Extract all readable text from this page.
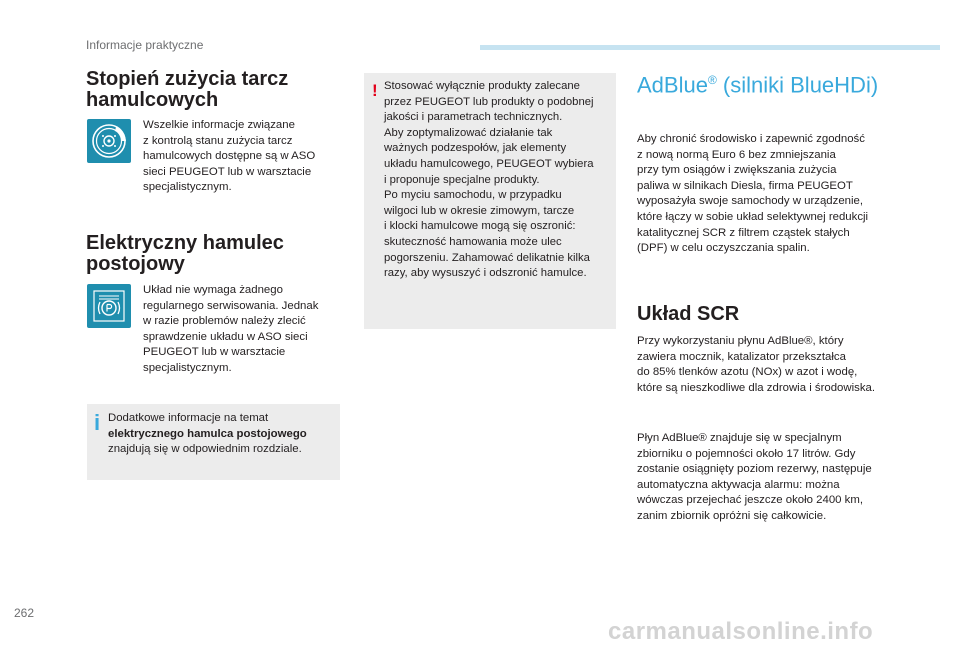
Informacje praktyczne
Stopień zużycia tarcz
hamulcowych
Wszelkie informacje związane
z kontrolą stanu zużycia tarcz
hamulcowych dostępne są w ASO
sieci PEUGEOT lub w warsztacie
specjalistycznym.
Elektryczny hamulec
postojowy
Układ nie wymaga żadnego
regularnego serwisowania. Jednak
w razie problemów należy zlecić
sprawdzenie układu w ASO sieci
PEUGEOT lub w warsztacie
specjalistycznym.
i Dodatkowe informacje na temat
elektrycznego hamulca postojowego
znajdują się w odpowiednim rozdziale.
! Stosować wyłącznie produkty zalecane
przez PEUGEOT lub produkty o podobnej
jakości i parametrach technicznych.
Aby zoptymalizować działanie tak
ważnych podzespołów, jak elementy
układu hamulcowego, PEUGEOT wybiera
i proponuje specjalne produkty.
Po myciu samochodu, w przypadku
wilgoci lub w okresie zimowym, tarcze
i klocki hamulcowe mogą się oszronić:
skuteczność hamowania może ulec
pogorszeniu. Zahamować delikatnie kilka
razy, aby wysuszyć i odszronić hamulce.
AdBlue® (silniki BlueHDi)
Aby chronić środowisko i zapewnić zgodność
z nową normą Euro 6 bez zmniejszania
przy tym osiągów i zwiększania zużycia
paliwa w silnikach Diesla, firma PEUGEOT
wyposażyła swoje samochody w urządzenie,
które łączy w sobie układ selektywnej redukcji
katalitycznej SCR z filtrem cząstek stałych
(DPF) w celu oczyszczania spalin.
Układ SCR
Przy wykorzystaniu płynu AdBlue®, który
zawiera mocznik, katalizator przekształca
do 85% tlenków azotu (NOx) w azot i wodę,
które są nieszkodliwe dla zdrowia i środowiska.
Płyn AdBlue® znajduje się w specjalnym
zbiorniku o pojemności około 17 litrów. Gdy
zostanie osiągnięty poziom rezerwy, następuje
automatyczna aktywacja alarmu: można
wówczas przejechać jeszcze około 2400 km,
zanim zbiornik opróżni się całkowicie.
262
carmanualsonline.info
